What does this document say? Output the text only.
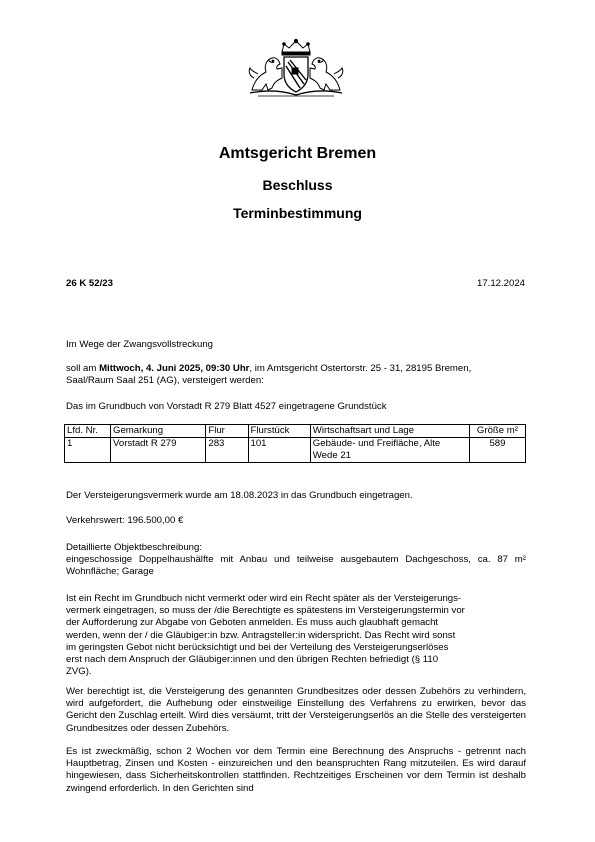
Amtsgericht Bremen
Beschluss
Terminbestimmung
26 K 52/23	17.12.2024

Im Wege der Zwangsvollstreckung

soll am Mittwoch, 4. Juni 2025, 09:30 Uhr, im Amtsgericht Ostertorstr. 25 - 31, 28195 Bremen, Saal/Raum Saal 251 (AG), versteigert werden:

Das im Grundbuch von Vorstadt R 279 Blatt 4527 eingetragene Grundstück

Lfd. Nr.	Gemarkung	Flur	Flurstück	Wirtschaftsart und Lage	Größe m²
1	Vorstadt R 279	283	101	Gebäude- und Freifläche, Alte Wede 21	589

Der Versteigerungsvermerk wurde am 18.08.2023 in das Grundbuch eingetragen.

Verkehrswert: 196.500,00 €

Detaillierte Objektbeschreibung:
eingeschossige Doppelhaushälfte mit Anbau und teilweise ausgebautem Dachgeschoss, ca. 87 m² Wohnfläche; Garage

Ist ein Recht im Grundbuch nicht vermerkt oder wird ein Recht später als der Versteigerungs-
vermerk eingetragen, so muss der /die Berechtigte es spätestens im Versteigerungstermin vor
der Aufforderung zur Abgabe von Geboten anmelden. Es muss auch glaubhaft gemacht
werden, wenn der / die Gläubiger:in bzw. Antragsteller:in widerspricht. Das Recht wird sonst
im geringsten Gebot nicht berücksichtigt und bei der Verteilung des Versteigerungserlöses
erst nach dem Anspruch der Gläubiger:innen und den übrigen Rechten befriedigt (§ 110
ZVG).

Wer berechtigt ist, die Versteigerung des genannten Grundbesitzes oder dessen Zubehörs zu verhindern, wird aufgefordert, die Aufhebung oder einstweilige Einstellung des Verfahrens zu erwirken, bevor das Gericht den Zuschlag erteilt. Wird dies versäumt, tritt der Versteigerungserlös an die Stelle des versteigerten Grundbesitzes oder dessen Zubehörs.

Es ist zweckmäßig, schon 2 Wochen vor dem Termin eine Berechnung des Anspruchs - getrennt nach Hauptbetrag, Zinsen und Kosten - einzureichen und den beanspruchten Rang mitzuteilen. Es wird darauf hingewiesen, dass Sicherheitskontrollen stattfinden. Rechtzeitiges Erscheinen vor dem Termin ist deshalb zwingend erforderlich. In den Gerichten sind
